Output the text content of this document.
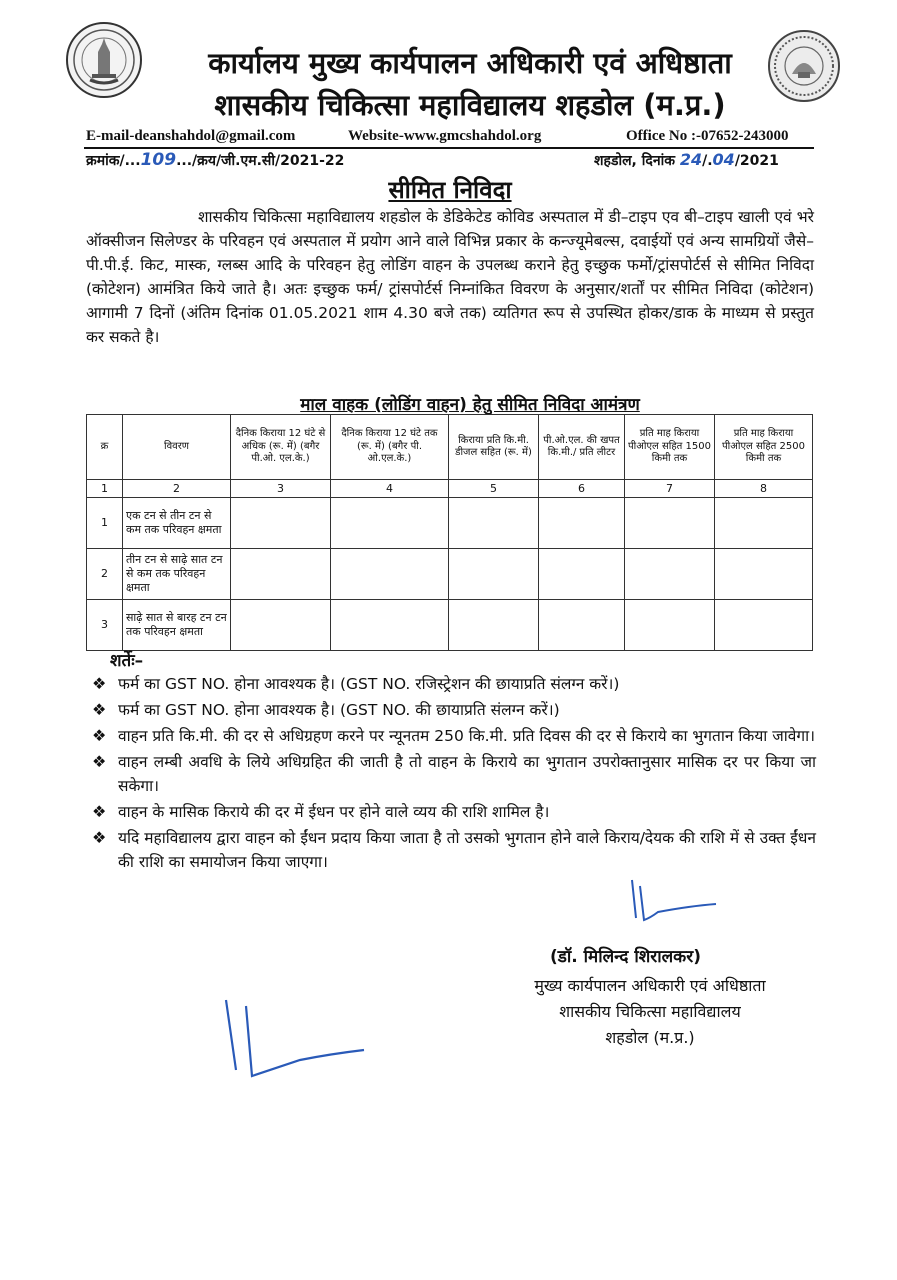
कार्यालय मुख्य कार्यपालन अधिकारी एवं अधिष्ठाता
शासकीय चिकित्सा महाविद्यालय शहडोल (म.प्र.)
E-mail-deanshahdol@gmail.com	Website-www.gmcshahdol.org	Office No :-07652-243000
क्रमांक/...109.../क्रय/जी.एम.सी/2021-22	शहडोल, दिनांक 24/.04/2021
सीमित निविदा

शासकीय चिकित्सा महाविद्यालय शहडोल के डेडिकेटेड कोविड अस्पताल में डी–टाइप एव बी–टाइप खाली एवं भरे ऑक्सीजन सिलेण्डर के परिवहन एवं अस्पताल में प्रयोग आने वाले विभिन्न प्रकार के कन्ज्यूमेबल्स, दवाईयों एवं अन्य सामग्रियों जैसे–पी.पी.ई. किट, मास्क, ग्लब्स आदि के परिवहन हेतु लोडिंग वाहन के उपलब्ध कराने हेतु इच्छुक फर्मो/ट्रांसपोर्टर्स से सीमित निविदा (कोटेशन) आमंत्रित किये जाते है। अतः इच्छुक फर्म/ ट्रांसपोर्टर्स निम्नांकित विवरण के अनुसार/शर्तों पर सीमित निविदा (कोटेशन) आगामी 7 दिनों (अंतिम दिनांक 01.05.2021 शाम 4.30 बजे तक) व्यतिगत रूप से उपस्थित होकर/डाक के माध्यम से प्रस्तुत कर सकते है।

माल वाहक (लोडिंग वाहन) हेतु सीमित निविदा आमंत्रण
क्र	विवरण	दैनिक किराया 12 घंटे से अधिक (रू. में) (बगैर पी.ओ. एल.के.)	दैनिक किराया 12 घंटे तक (रू. में) (बगैर पी. ओ.एल.के.)	किराया प्रति कि.मी. डीजल सहित (रू. में)	पी.ओ.एल. की खपत कि.मी./ प्रति लीटर	प्रति माह किराया पीओएल सहित 1500 किमी तक	प्रति माह किराया पीओएल सहित 2500 किमी तक
1	2	3	4	5	6	7	8
1	एक टन से तीन टन से कम तक परिवहन क्षमता						
2	तीन टन से साढ़े सात टन से कम तक परिवहन क्षमता						
3	साढ़े सात से बारह टन टन तक परिवहन क्षमता						
शर्तेः–
❖ फर्म का GST NO. होना आवश्यक है। (GST NO. रजिस्ट्रेशन की छायाप्रति संलग्न करें।)
❖ फर्म का GST NO. होना आवश्यक है। (GST NO. की छायाप्रति संलग्न करें।)
❖ वाहन प्रति कि.मी. की दर से अधिग्रहण करने पर न्यूनतम 250 कि.मी. प्रति दिवस की दर से किराये का भुगतान किया जावेगा।
❖ वाहन लम्बी अवधि के लिये अधिग्रहित की जाती है तो वाहन के किराये का भुगतान उपरोक्तानुसार मासिक दर पर किया जा सकेगा।
❖ वाहन के मासिक किराये की दर में ईधन पर होने वाले व्यय की राशि शामिल है।
❖ यदि महाविद्यालय द्वारा वाहन को ईंधन प्रदाय किया जाता है तो उसको भुगतान होने वाले किराय/देयक की राशि में से उक्त ईंधन की राशि का समायोजन किया जाएगा।
(डॉ. मिलिन्द शिरालकर)
मुख्य कार्यपालन अधिकारी एवं अधिष्ठाता
शासकीय चिकित्सा महाविद्यालय
शहडोल (म.प्र.)
